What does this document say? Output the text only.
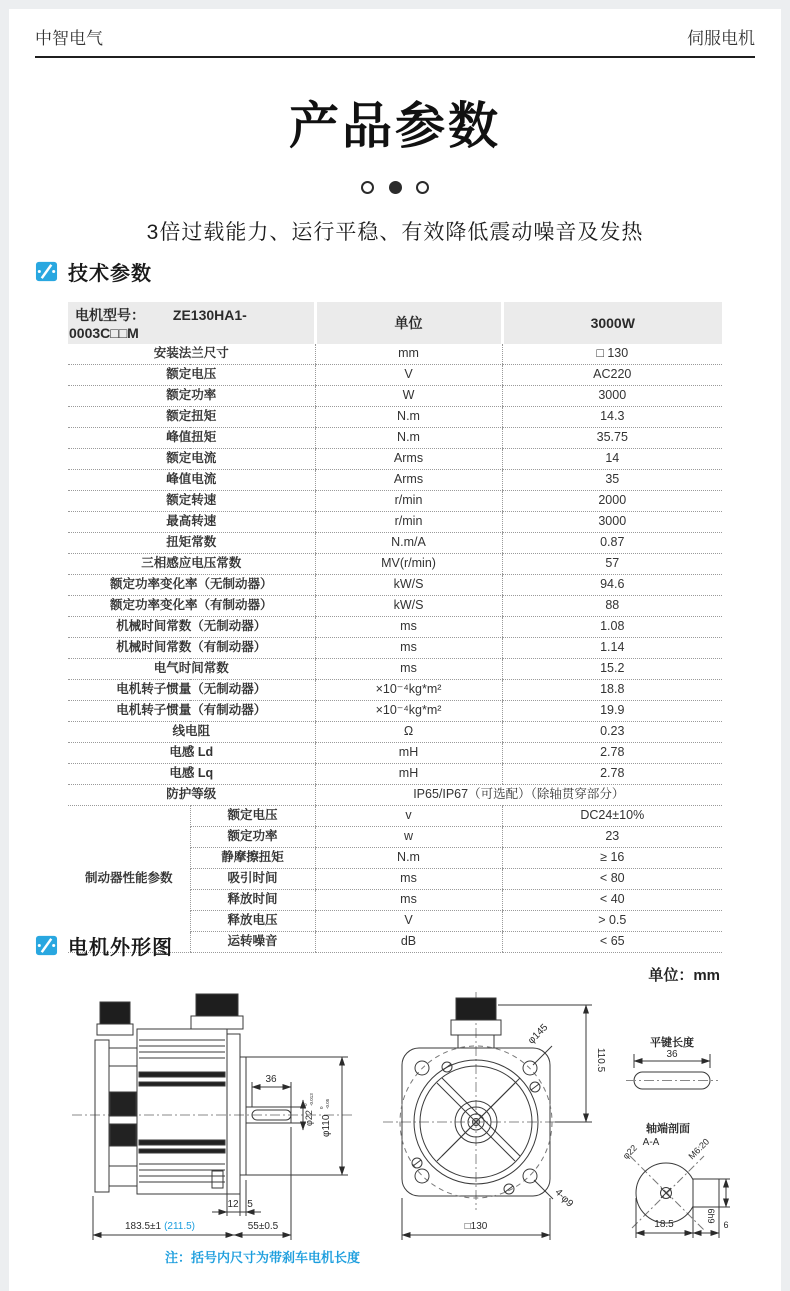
中智电气	伺服电机
产品参数

3倍过载能力、运行平稳、有效降低震动噪音及发热
技术参数
电机型号： ZE130HA1-0003C□□M		单位	3000W
安装法兰尺寸		mm	□ 130
额定电压		V	AC220
额定功率		W	3000
额定扭矩		N.m	14.3
峰值扭矩		N.m	35.75
额定电流		Arms	14
峰值电流		Arms	35
额定转速		r/min	2000
最高转速		r/min	3000
扭矩常数		N.m/A	0.87
三相感应电压常数		MV(r/min)	57
额定功率变化率（无制动器）		kW/S	94.6
额定功率变化率（有制动器）		kW/S	88
机械时间常数（无制动器）		ms	1.08
机械时间常数（有制动器）		ms	1.14
电气时间常数		ms	15.2
电机转子惯量（无制动器）		×10⁻⁴kg*m²	18.8
电机转子惯量（有制动器）		×10⁻⁴kg*m²	19.9
线电阻		Ω	0.23
电感 Ld		mH	2.78
电感 Lq		mH	2.78
防护等级		IP65/IP67（可选配）（除轴贯穿部分）	
制动器性能参数	额定电压	v	DC24±10%
	额定功率	w	23
	静摩擦扭矩	N.m	≥ 16
	吸引时间	ms	< 80
	释放时间	ms	< 40
	释放电压	V	> 0.5
	运转噪音	dB	< 65
电机外形图
单位：mm
36
φ22
0 -0.013
φ110
0 -0.05
12 5
183.5±1 (211.5)	55±0.5
φ145
110.5
4-φ9
□130
平键长度
36
轴端剖面
A-A
φ22	M6:20
18.5
6h9
6
注：括号内尺寸为带刹车电机长度
